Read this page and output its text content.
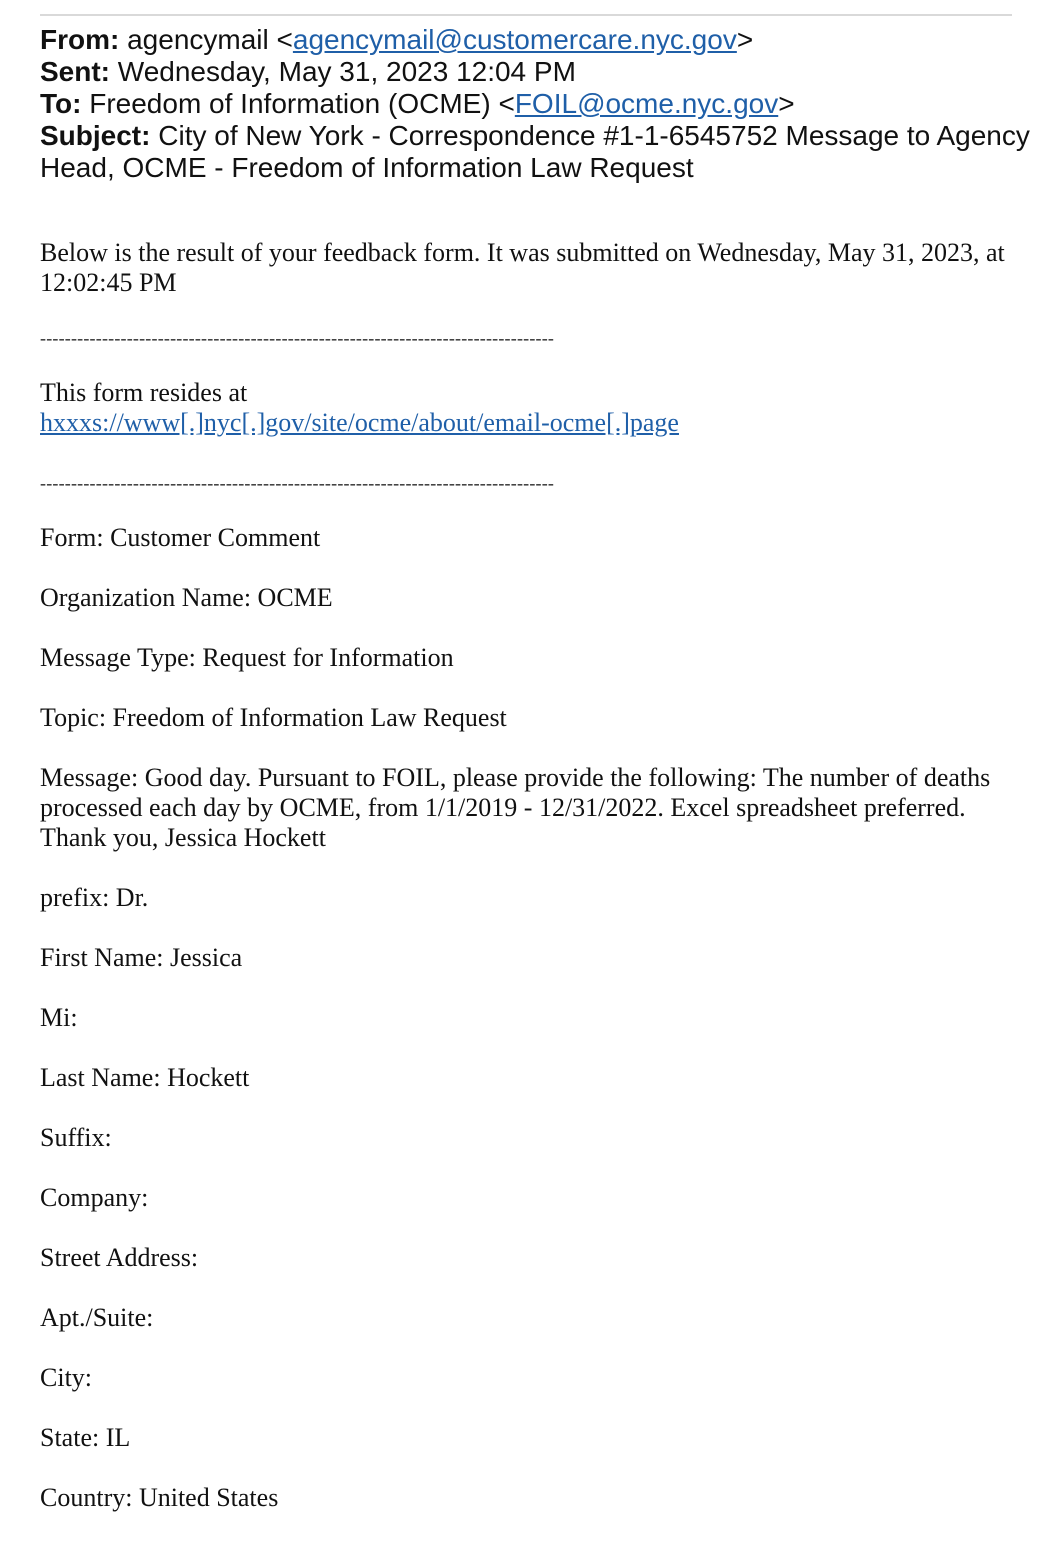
From: agencymail <agencymail@customercare.nyc.gov>
Sent: Wednesday, May 31, 2023 12:04 PM
To: Freedom of Information (OCME) <FOIL@ocme.nyc.gov>
Subject: City of New York - Correspondence #1-1-6545752 Message to Agency Head, OCME - Freedom of Information Law Request

Below is the result of your feedback form. It was submitted on Wednesday, May 31, 2023, at 12:02:45 PM

-----------------------------------------------------------------------------------

This form resides at
hxxxs://www[.]nyc[.]gov/site/ocme/about/email-ocme[.]page

-----------------------------------------------------------------------------------

Form: Customer Comment

Organization Name: OCME

Message Type: Request for Information

Topic: Freedom of Information Law Request

Message: Good day. Pursuant to FOIL, please provide the following: The number of deaths processed each day by OCME, from 1/1/2019 - 12/31/2022. Excel spreadsheet preferred. Thank you, Jessica Hockett

prefix: Dr.

First Name: Jessica

Mi:

Last Name: Hockett

Suffix:

Company:

Street Address:

Apt./Suite:

City:

State: IL

Country: United States
